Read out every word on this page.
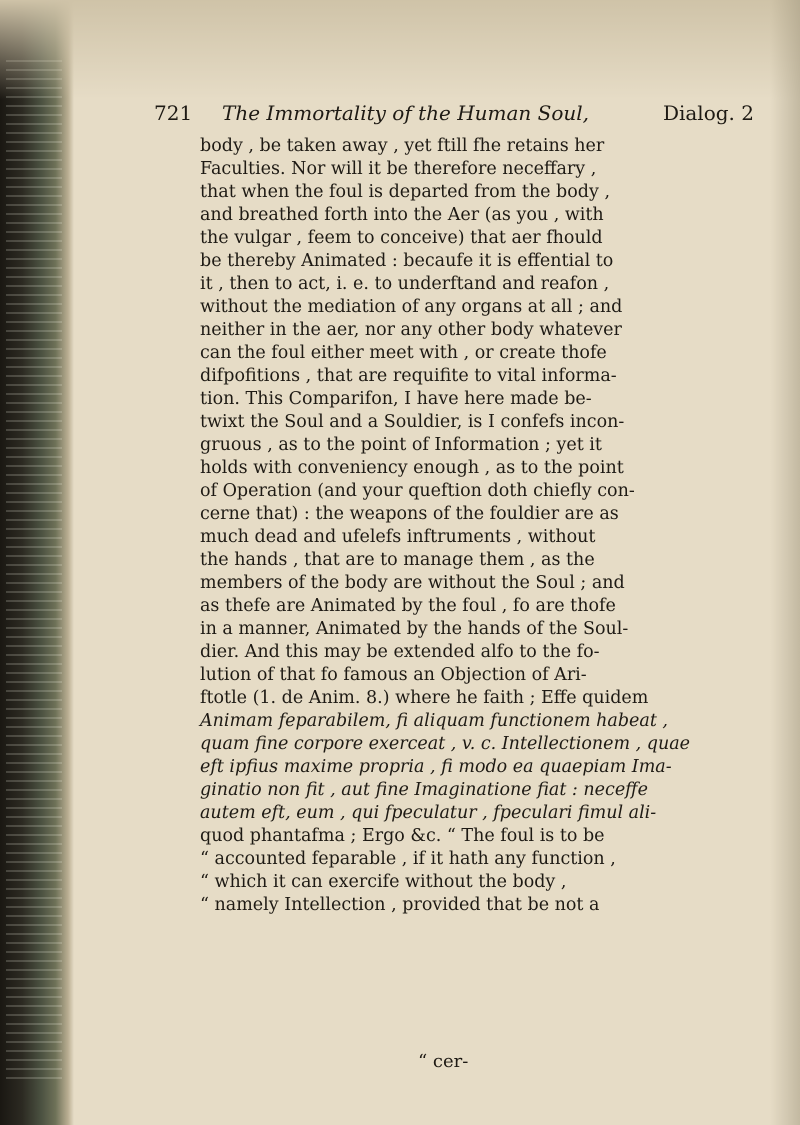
721 The Immortality of the Human Soul,	Dialog. 2
body , be taken away , yet ftill fhe retains her
Faculties. Nor will it be therefore neceffary ,
that when the foul is departed from the body ,
and breathed forth into the Aer (as you , with
the vulgar , feem to conceive) that aer fhould
be thereby Animated : becaufe it is effential to
it , then to act, i. e. to underftand and reafon ,
without the mediation of any organs at all ; and
neither in the aer, nor any other body whatever
can the foul either meet with , or create thofe
difpofitions , that are requifite to vital informa-
tion. This Comparifon, I have here made be-
twixt the Soul and a Souldier, is I confefs incon-
gruous , as to the point of Information ; yet it
holds with conveniency enough , as to the point
of Operation (and your queftion doth chiefly con-
cerne that) : the weapons of the fouldier are as
much dead and ufelefs inftruments , without
the hands , that are to manage them , as the
members of the body are without the Soul ; and
as thefe are Animated by the foul , fo are thofe
in a manner, Animated by the hands of the Soul-
dier. And this may be extended alfo to the fo-
lution of that fo famous an Objection of Ari-
ftotle (1. de Anim. 8.) where he faith ; Effe quidem
Animam feparabilem, fi aliquam functionem habeat ,
quam fine corpore exerceat , v. c. Intellectionem , quae
eft ipfius maxime propria , fi modo ea quaepiam Ima-
ginatio non fit , aut fine Imaginatione fiat : neceffe
autem eft, eum , qui fpeculatur , fpeculari fimul ali-
quod phantafma ; Ergo &c. “ The foul is to be
“ accounted feparable , if it hath any function ,
“ which it can exercife without the body ,
“ namely Intellection , provided that be not a
“ cer-
